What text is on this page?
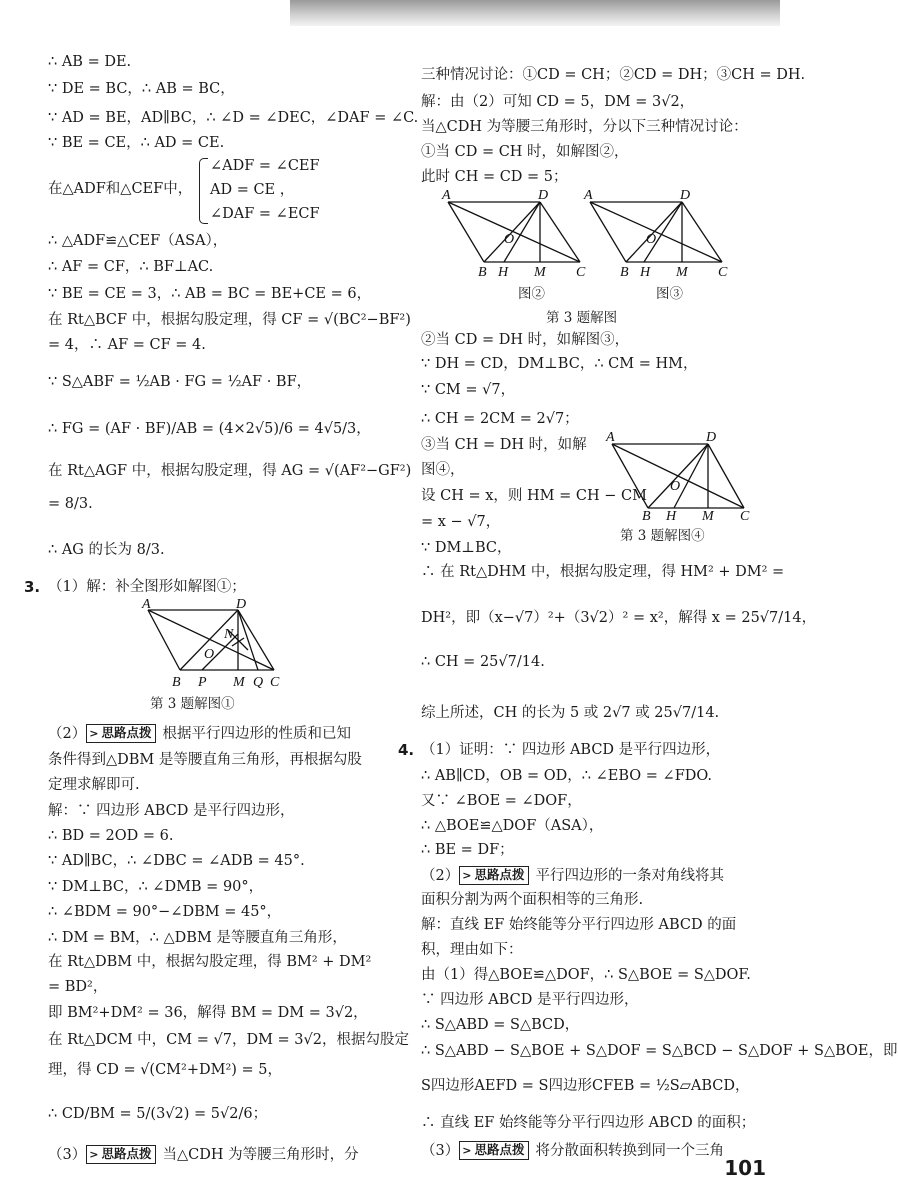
∴ AB = DE.
∵ DE = BC，∴ AB = BC，
∵ AD = BE，AD∥BC，∴ ∠D = ∠DEC，∠DAF = ∠C.
∵ BE = CE，∴ AD = CE.
∠ADF = ∠CEF
在△ADF和△CEF中， AD = CE ，
∠DAF = ∠ECF
∴ △ADF≌△CEF（ASA），
∴ AF = CF，∴ BF⊥AC.
∵ BE = CE = 3，∴ AB = BC = BE+CE = 6，
在 Rt△BCF 中，根据勾股定理，得 CF = √(BC²−BF²)
= 4，∴ AF = CF = 4.
∵ S△ABF = ½AB · FG = ½AF · BF，
∴ FG = (AF · BF)/AB = (4×2√5)/6 = 4√5/3，
在 Rt△AGF 中，根据勾股定理，得 AG = √(AF²−GF²)
= 8/3.
∴ AG 的长为 8/3.
3. （1）解：补全图形如解图①；
A	D
N
O
B P M Q C
第 3 题解图①
（2） > 思路点拨 根据平行四边形的性质和已知
条件得到△DBM 是等腰直角三角形，再根据勾股
定理求解即可.
解：∵ 四边形 ABCD 是平行四边形，
∴ BD = 2OD = 6.
∵ AD∥BC，∴ ∠DBC = ∠ADB = 45°.
∵ DM⊥BC，∴ ∠DMB = 90°，
∴ ∠BDM = 90°−∠DBM = 45°，
∴ DM = BM，∴ △DBM 是等腰直角三角形，
在 Rt△DBM 中，根据勾股定理，得 BM² + DM²
= BD²，
即 BM²+DM² = 36，解得 BM = DM = 3√2，
在 Rt△DCM 中，CM = √7，DM = 3√2，根据勾股定
理，得 CD = √(CM²+DM²) = 5，
∴ CD/BM = 5/(3√2) = 5√2/6；
（3） > 思路点拨 当△CDH 为等腰三角形时，分
三种情况讨论：①CD = CH；②CD = DH；③CH = DH.
解：由（2）可知 CD = 5，DM = 3√2，
当△CDH 为等腰三角形时，分以下三种情况讨论：
①当 CD = CH 时，如解图②，
此时 CH = CD = 5；
A	D
O
B H M C
A	D
O
B H M C
图②	图③
第 3 题解图
②当 CD = DH 时，如解图③，
∵ DH = CD，DM⊥BC，∴ CM = HM，
∵ CM = √7，
∴ CH = 2CM = 2√7；
③当 CH = DH 时，如解
图④，
设 CH = x，则 HM = CH − CM
= x − √7，
A	D
O
B H M C
第 3 题解图④
∵ DM⊥BC，
∴ 在 Rt△DHM 中，根据勾股定理，得 HM² + DM² =
DH²，即（x−√7）²+（3√2）² = x²，解得 x = 25√7/14，
∴ CH = 25√7/14.
综上所述，CH 的长为 5 或 2√7 或 25√7/14.
4. （1）证明：∵ 四边形 ABCD 是平行四边形，
∴ AB∥CD，OB = OD，∴ ∠EBO = ∠FDO.
又∵ ∠BOE = ∠DOF，
∴ △BOE≌△DOF（ASA），
∴ BE = DF；
（2） > 思路点拨 平行四边形的一条对角线将其
面积分割为两个面积相等的三角形.
解：直线 EF 始终能等分平行四边形 ABCD 的面
积，理由如下：
由（1）得△BOE≌△DOF，∴ S△BOE = S△DOF.
∵ 四边形 ABCD 是平行四边形，
∴ S△ABD = S△BCD，
∴ S△ABD − S△BOE + S△DOF = S△BCD − S△DOF + S△BOE，即
S四边形AEFD = S四边形CFEB = ½S▱ABCD，
∴ 直线 EF 始终能等分平行四边形 ABCD 的面积；
（3） > 思路点拨 将分散面积转换到同一个三角
101
